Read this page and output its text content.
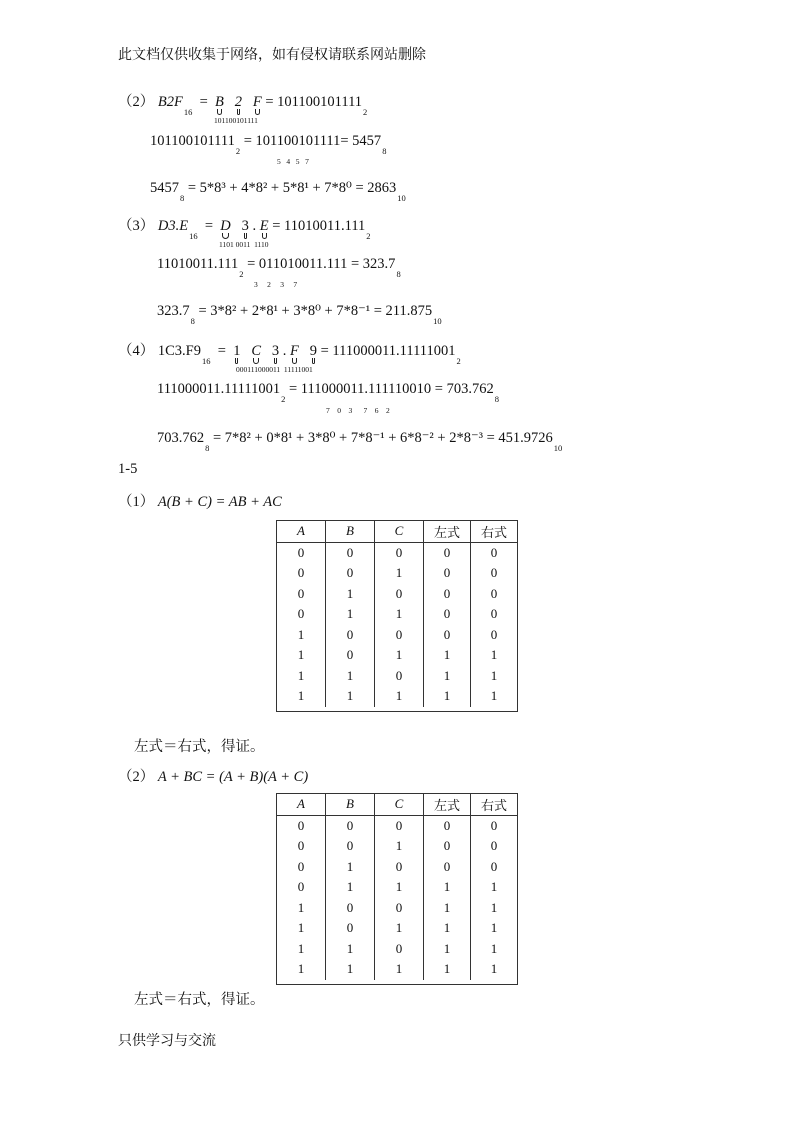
此文档仅供收集于网络，如有侵权请联系网站删除
（2） $B2F_{16} = B$ 2 $F = 101100101111_2$
101100101111
$101100101111_2 = 101100101111= 5457_8$
5   4   5   7
$5457_8 = 5*8^3 + 4*8^2 + 5*8^1 + 7*8^0 = 2863_{10}$
（3） $D3.E_{16} = D$ 3 . $E = 11010011.111_2$
1101 0011  1110
$11010011.111_2 = 011010011.111 = 323.7_8$
3     2     3     7
$323.7_8 = 3*8^2 + 2*8^1 + 3*8^0 + 7*8^{-1} = 211.875_{10}$
（4） $1C3.F9_{16} = 1$ C 3 . F $9 = 111000011.11111001_2$
000111000011  11111001
$111000011.11111001_2 = 111000011.111110010 = 703.762_8$
7    0    3      7    6    2
$703.762_8 = 7*8^2 + 0*8^1 + 3*8^0 + 7*8^{-1} + 6*8^{-2} + 2*8^{-3} = 451.9726_{10}$
1-5
（1） A(B + C) = AB + AC
A	B	C	左式	右式
0	0	0	0	0
0	0	1	0	0
0	1	0	0	0
0	1	1	0	0
1	0	0	0	0
1	0	1	1	1
1	1	0	1	1
1	1	1	1	1
左式＝右式，得证。
（2） A + BC = (A + B)(A + C)
A	B	C	左式	右式
0	0	0	0	0
0	0	1	0	0
0	1	0	0	0
0	1	1	1	1
1	0	0	1	1
1	0	1	1	1
1	1	0	1	1
1	1	1	1	1
左式＝右式，得证。
只供学习与交流
